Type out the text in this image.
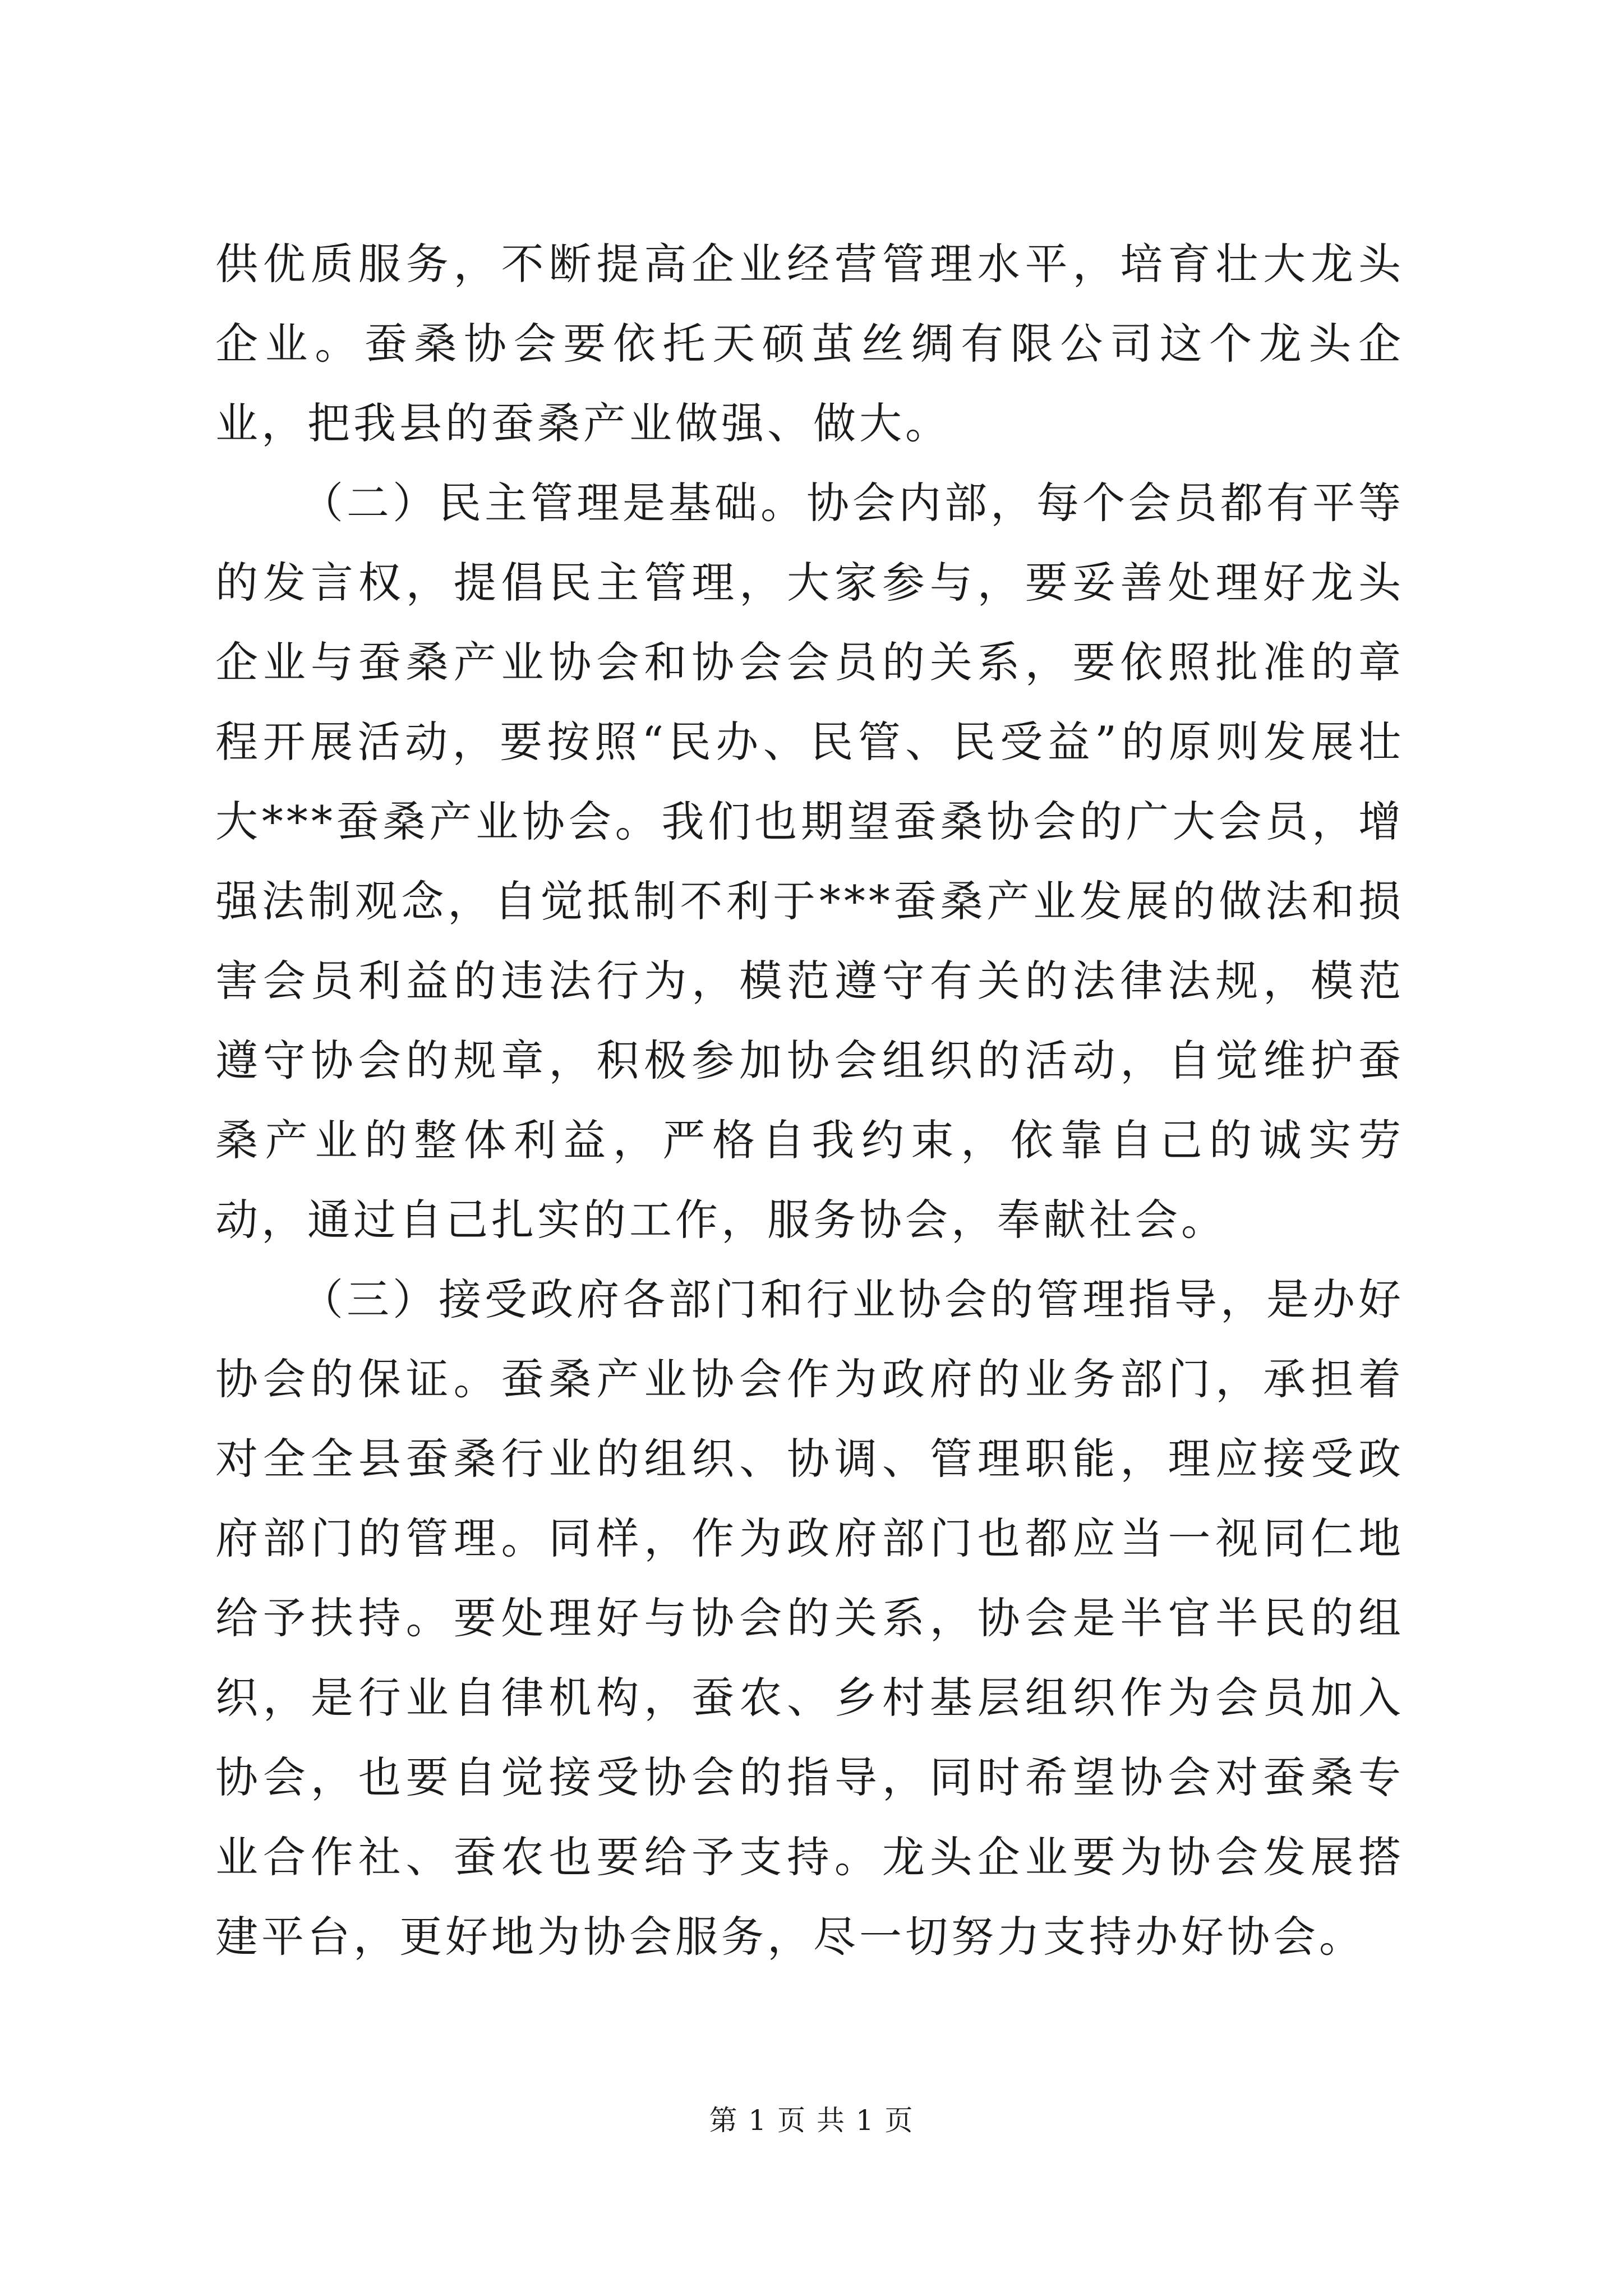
供优质服务，不断提高企业经营管理水平，培育壮大龙头企业。蚕桑协会要依托天硕茧丝绸有限公司这个龙头企业，把我县的蚕桑产业做强、做大。

（二）民主管理是基础。协会内部，每个会员都有平等的发言权，提倡民主管理，大家参与，要妥善处理好龙头企业与蚕桑产业协会和协会会员的关系，要依照批准的章程开展活动，要按照“民办、民管、民受益”的原则发展壮大***蚕桑产业协会。我们也期望蚕桑协会的广大会员，增强法制观念，自觉抵制不利于***蚕桑产业发展的做法和损害会员利益的违法行为，模范遵守有关的法律法规，模范遵守协会的规章，积极参加协会组织的活动，自觉维护蚕桑产业的整体利益，严格自我约束，依靠自己的诚实劳动，通过自己扎实的工作，服务协会，奉献社会。

（三）接受政府各部门和行业协会的管理指导，是办好协会的保证。蚕桑产业协会作为政府的业务部门，承担着对全全县蚕桑行业的组织、协调、管理职能，理应接受政府部门的管理。同样，作为政府部门也都应当一视同仁地给予扶持。要处理好与协会的关系，协会是半官半民的组织，是行业自律机构，蚕农、乡村基层组织作为会员加入协会，也要自觉接受协会的指导，同时希望协会对蚕桑专业合作社、蚕农也要给予支持。龙头企业要为协会发展搭建平台，更好地为协会服务，尽一切努力支持办好协会。

第 1 页 共 1 页
